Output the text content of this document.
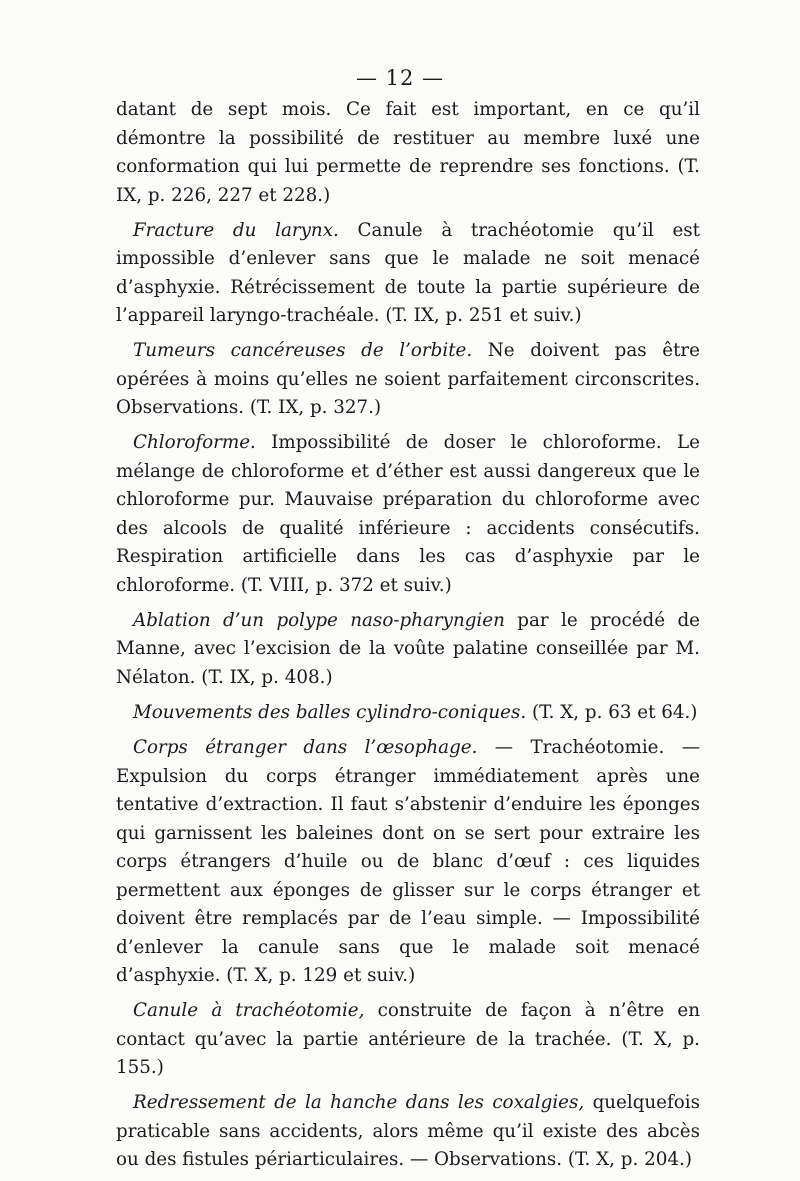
— 12 —

datant de sept mois. Ce fait est important, en ce qu’il démontre la possibilité de restituer au membre luxé une conformation qui lui permette de reprendre ses fonctions. (T. IX, p. 226, 227 et 228.)

Fracture du larynx. Canule à trachéotomie qu’il est impossible d’enlever sans que le malade ne soit menacé d’asphyxie. Rétrécissement de toute la partie supérieure de l’appareil laryngo-trachéale. (T. IX, p. 251 et suiv.)

Tumeurs cancéreuses de l’orbite. Ne doivent pas être opérées à moins qu’elles ne soient parfaitement circonscrites. Observations. (T. IX, p. 327.)

Chloroforme. Impossibilité de doser le chloroforme. Le mélange de chloroforme et d’éther est aussi dangereux que le chloroforme pur. Mauvaise préparation du chloroforme avec des alcools de qualité inférieure : accidents consécutifs. Respiration artificielle dans les cas d’asphyxie par le chloroforme. (T. VIII, p. 372 et suiv.)

Ablation d’un polype naso-pharyngien par le procédé de Manne, avec l’excision de la voûte palatine conseillée par M. Nélaton. (T. IX, p. 408.)

Mouvements des balles cylindro-coniques. (T. X, p. 63 et 64.)

Corps étranger dans l’œsophage. — Trachéotomie. — Expulsion du corps étranger immédiatement après une tentative d’extraction. Il faut s’abstenir d’enduire les éponges qui garnissent les baleines dont on se sert pour extraire les corps étrangers d’huile ou de blanc d’œuf : ces liquides permettent aux éponges de glisser sur le corps étranger et doivent être remplacés par de l’eau simple. — Impossibilité d’enlever la canule sans que le malade soit menacé d’asphyxie. (T. X, p. 129 et suiv.)

Canule à trachéotomie, construite de façon à n’être en contact qu’avec la partie antérieure de la trachée. (T. X, p. 155.)

Redressement de la hanche dans les coxalgies, quelquefois praticable sans accidents, alors même qu’il existe des abcès ou des fistules périarticulaires. — Observations. (T. X, p. 204.)
